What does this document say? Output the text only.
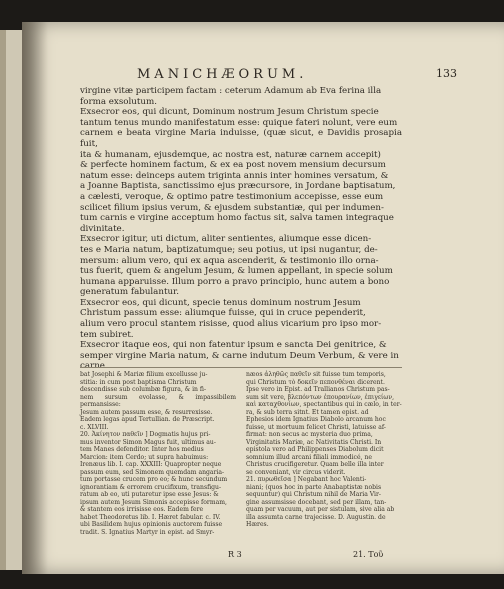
MANICHÆORUM.	133

virgine vitæ participem factam : ceterum Adamum ab Eva ferina illa
forma exsolutum.

Exsecror eos, qui dicunt, Dominum nostrum Jesum Christum specie
tantum tenus mundo manifestatum esse: quique fateri nolunt, vere eum
carnem e beata virgine Maria induisse, (quæ sicut, e Davidis prosapia fuit,
ita & humanam, ejusdemque, ac nostra est, naturæ carnem accepit)
& perfecte hominem factum, & ex ea post novem mensium decursum
natum esse: deinceps autem triginta annis inter homines versatum, &
a Joanne Baptista, sanctissimo ejus præcursore, in Jordane baptisatum,
a cælesti, veroque, & optimo patre testimonium accepisse, esse eum
scilicet filium ipsius verum, & ejusdem substantiæ, qui per indumen-
tum carnis e virgine acceptum homo factus sit, salva tamen integraque
divinitate.

Exsecror igitur, uti dictum, aliter sentientes, aliumque esse dicen-
tes e Maria natum, baptizatumque; seu potius, ut ipsi nugantur, de-
mersum: alium vero, qui ex aqua ascenderit, & testimonio illo orna-
tus fuerit, quem & angelum Jesum, & lumen appellant, in specie solum
humana apparuisse. Illum porro a pravo principio, hunc autem a bono
generatum fabulantur.

Exsecror eos, qui dicunt, specie tenus dominum nostrum Jesum
Christum passum esse: aliumque fuisse, qui in cruce pependerit,
alium vero procul stantem risisse, quod alius vicarium pro ipso mor-
tem subiret.

Exsecror itaque eos, qui non fatentur ipsum e sancta Dei genitrice, &
semper virgine Maria natum, & carne indutum Deum Verbum, & vere in
carne

bat Josephi & Mariæ filium excellusse ju-
stitia: in cum post baptisma Christum
descendisse sub columbæ figura, & in fi-
nem sursum evolasse, & impassibilem permansisse:
Jesum autem passum esse, & resurrexisse.
Eadem legas apud Tertullian. de Præscript.
c. XLVIII.
20. Ἀκίνητον παθεῖν ] Dogmatis hujus pri-
mus inventor Simon Magus fuit, ultimus au-
tem Manes defenditor. Inter hos medius
Marcion: item Cerdo; ut supra habuimus:
Irenæus lib. I. cap. XXXIII: Quapropter neque
passum eum, sed Simonem quemdam angaria-
tum portasse crucem pro eo; & hunc secundum
ignorantiam & errorem crucifixum, transfigu-
ratum ab eo, uti putaretur ipse esse Jesus: &
ipsum autem Jesum Simonis accepisse formam,
& stantem eos irrisisse eos. Eadem fere
habet Theodoretus lib. I. Hæret fabular. c. IV.
ubi Basilidem hujus opinionis auctorem fuisse
tradit. S. Ignatius Martyr in epist. ad Smyr-

næos ἀληθῶς παθεῖν sit fuisse tum temporis,
qui Christum τὸ δοκεῖν πεπονθέναι dicerent.
Ipse vero in Epist. ad Trallianos Christum pas-
sum sit vere, βλεπόντων ἐπουρανίων, ἐπιγείων,
καὶ καταχθονίων, spectantibus qui in cælo, in ter-
ra, & sub terra sitnt. Et tamen epist. ad
Ephesios idem Ignatius Diabolo arcanum hoc
fuisse, ut mortuum felicet Christi, latuisse af-
firmat: non secus ac mysteria duo prima,
Virginitatis Mariæ, ac Nativitatis Christi. In
epistola vero ad Philippenses Diabolum dicit
somnium illud arcani filiali immodicé, ne
Christus crucifigeretur. Quam belle illa inter
se conveniant, vir circus viderit.
21. πυρωθεῖσα ] Negabant hoc Valenti-
niani; (quos hoc in parte Anabaptistæ nobis
sequuntur) qui Christum nihil de Maria Vir-
gine assumsisse docebant, sed per illam, tan-
quam per vacuum, aut per sistulam, sive alia ab
illa assumta carne trajecisse. D. Augustin. de
Hæres.

R 3	21. Τοῦ
